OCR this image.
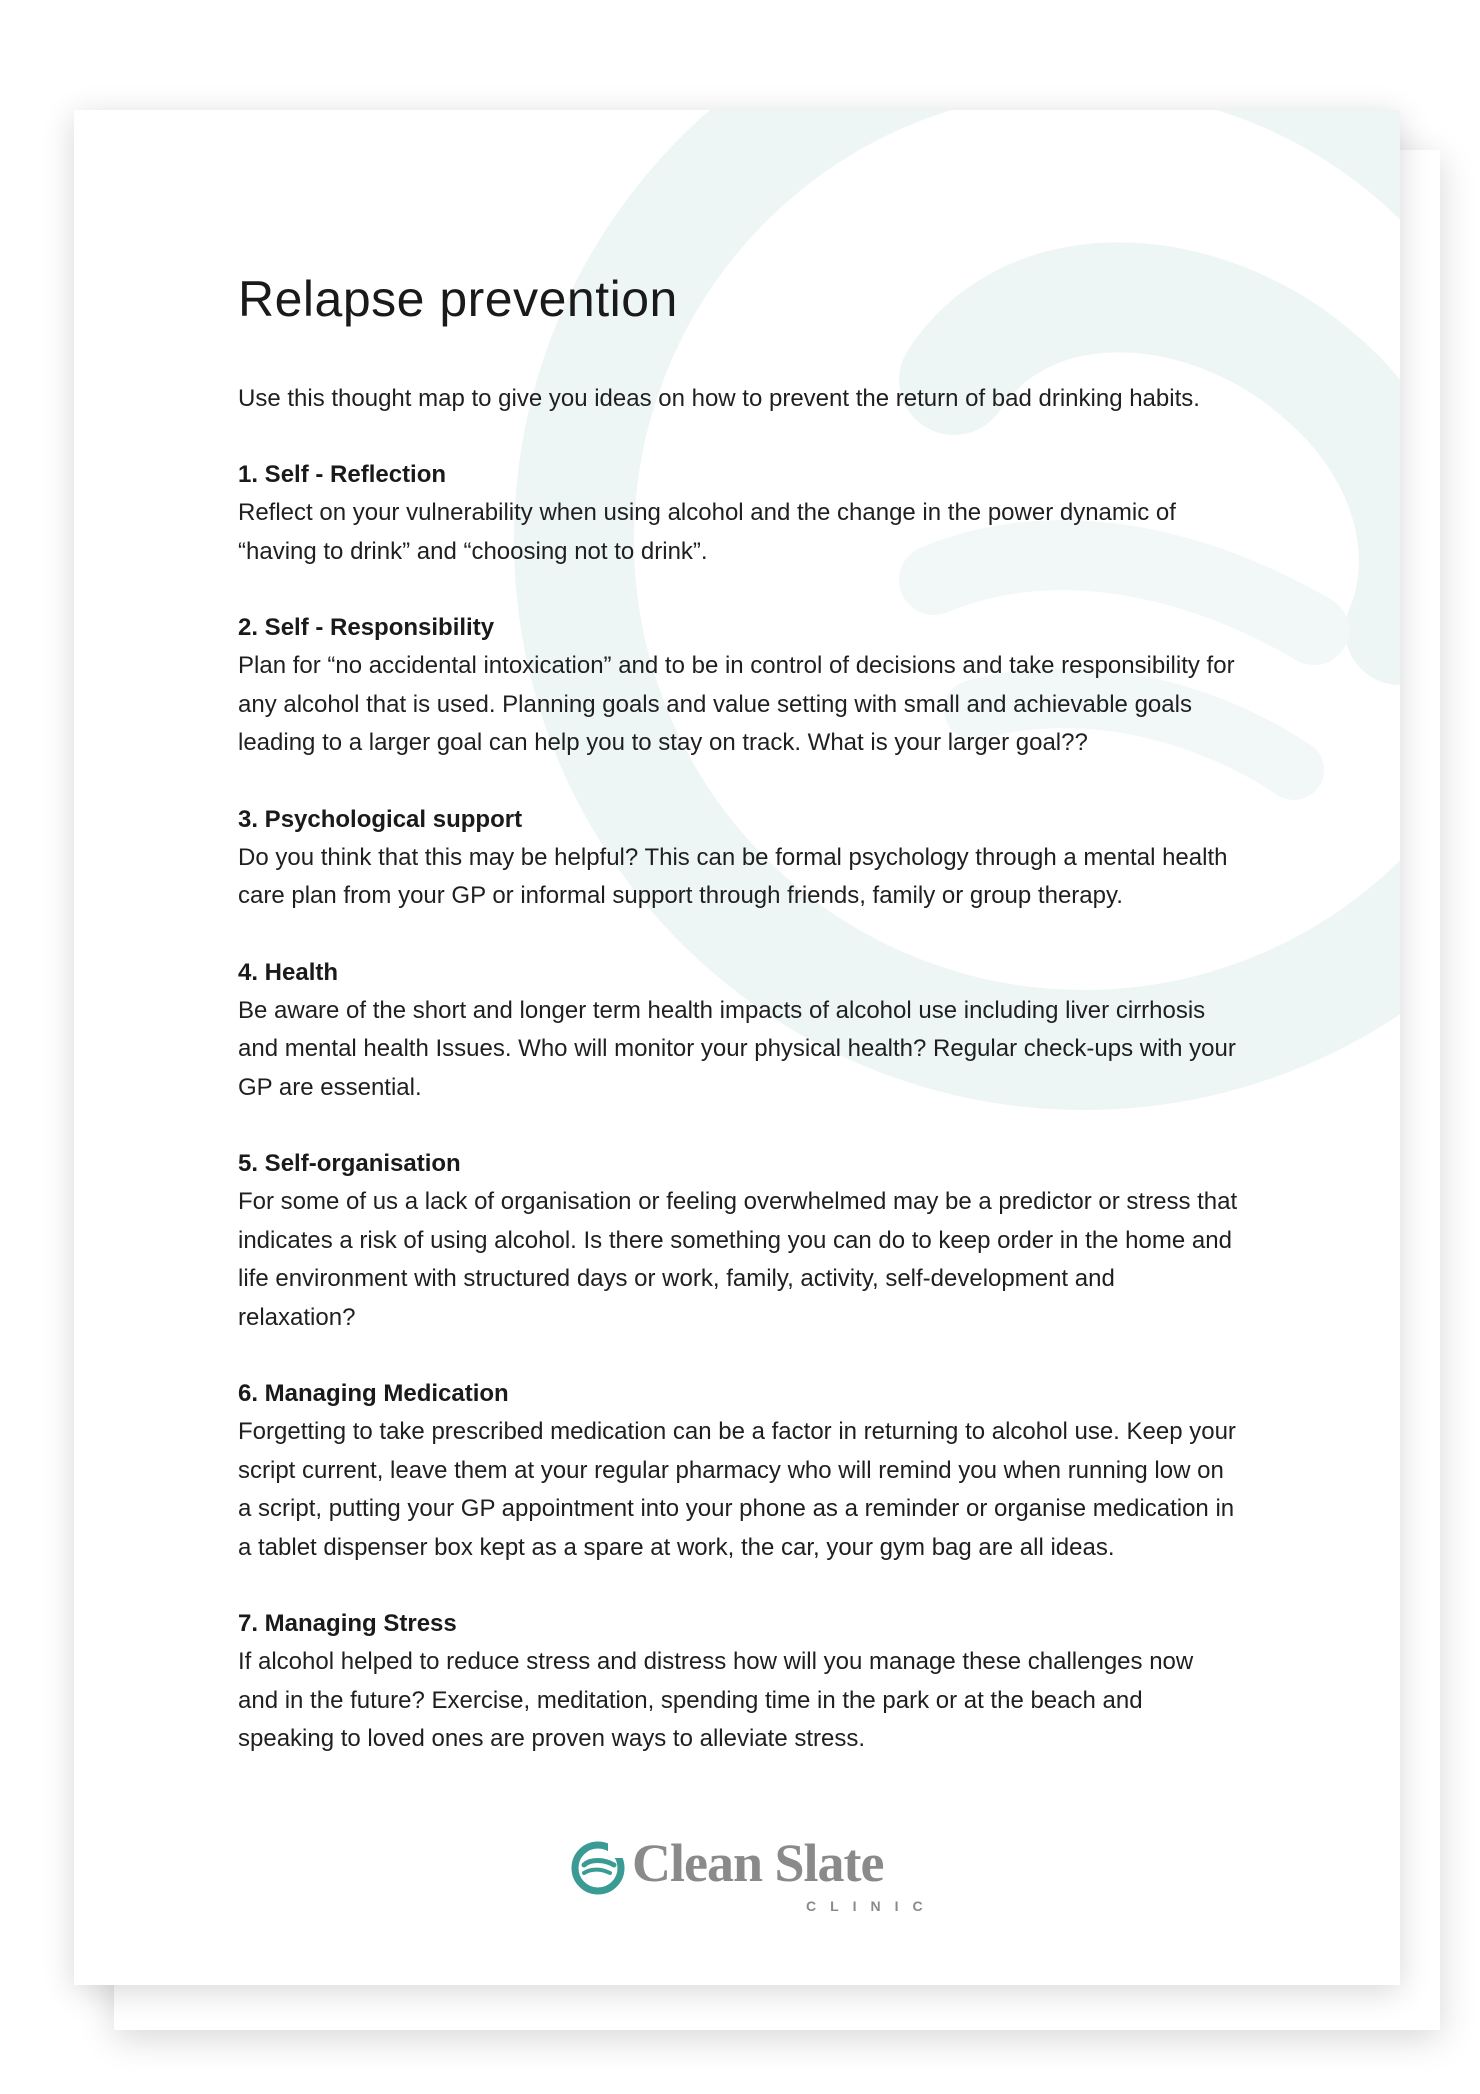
Relapse prevention

Use this thought map to give you ideas on how to prevent the return of bad drinking habits.

1. Self - Reflection

Reflect on your vulnerability when using alcohol and the change in the power dynamic of “having to drink” and “choosing not to drink”.

2. Self - Responsibility

Plan for “no accidental intoxication” and to be in control of decisions and take responsibility for any alcohol that is used. Planning goals and value setting with small and achievable goals leading to a larger goal can help you to stay on track. What is your larger goal??

3. Psychological support

Do you think that this may be helpful? This can be formal psychology through a mental health care plan from your GP or informal support through friends, family or group therapy.

4. Health

Be aware of the short and longer term health impacts of alcohol use including liver cirrhosis and mental health Issues. Who will monitor your physical health? Regular check-ups with your GP are essential.

5. Self-organisation

For some of us a lack of organisation or feeling overwhelmed may be a predictor or stress that indicates a risk of using alcohol. Is there something you can do to keep order in the home and life environment with structured days or work, family, activity, self-development and relaxation?

6. Managing Medication

Forgetting to take prescribed medication can be a factor in returning to alcohol use. Keep your script current, leave them at your regular pharmacy who will remind you when running low on a script, putting your GP appointment into your phone as a reminder or organise medication in a tablet dispenser box kept as a spare at work, the car, your gym bag are all ideas.

7. Managing Stress

If alcohol helped to reduce stress and distress how will you manage these challenges now and in the future? Exercise, meditation, spending time in the park or at the beach and speaking to loved ones are proven ways to alleviate stress.

Clean Slate
CLINIC
